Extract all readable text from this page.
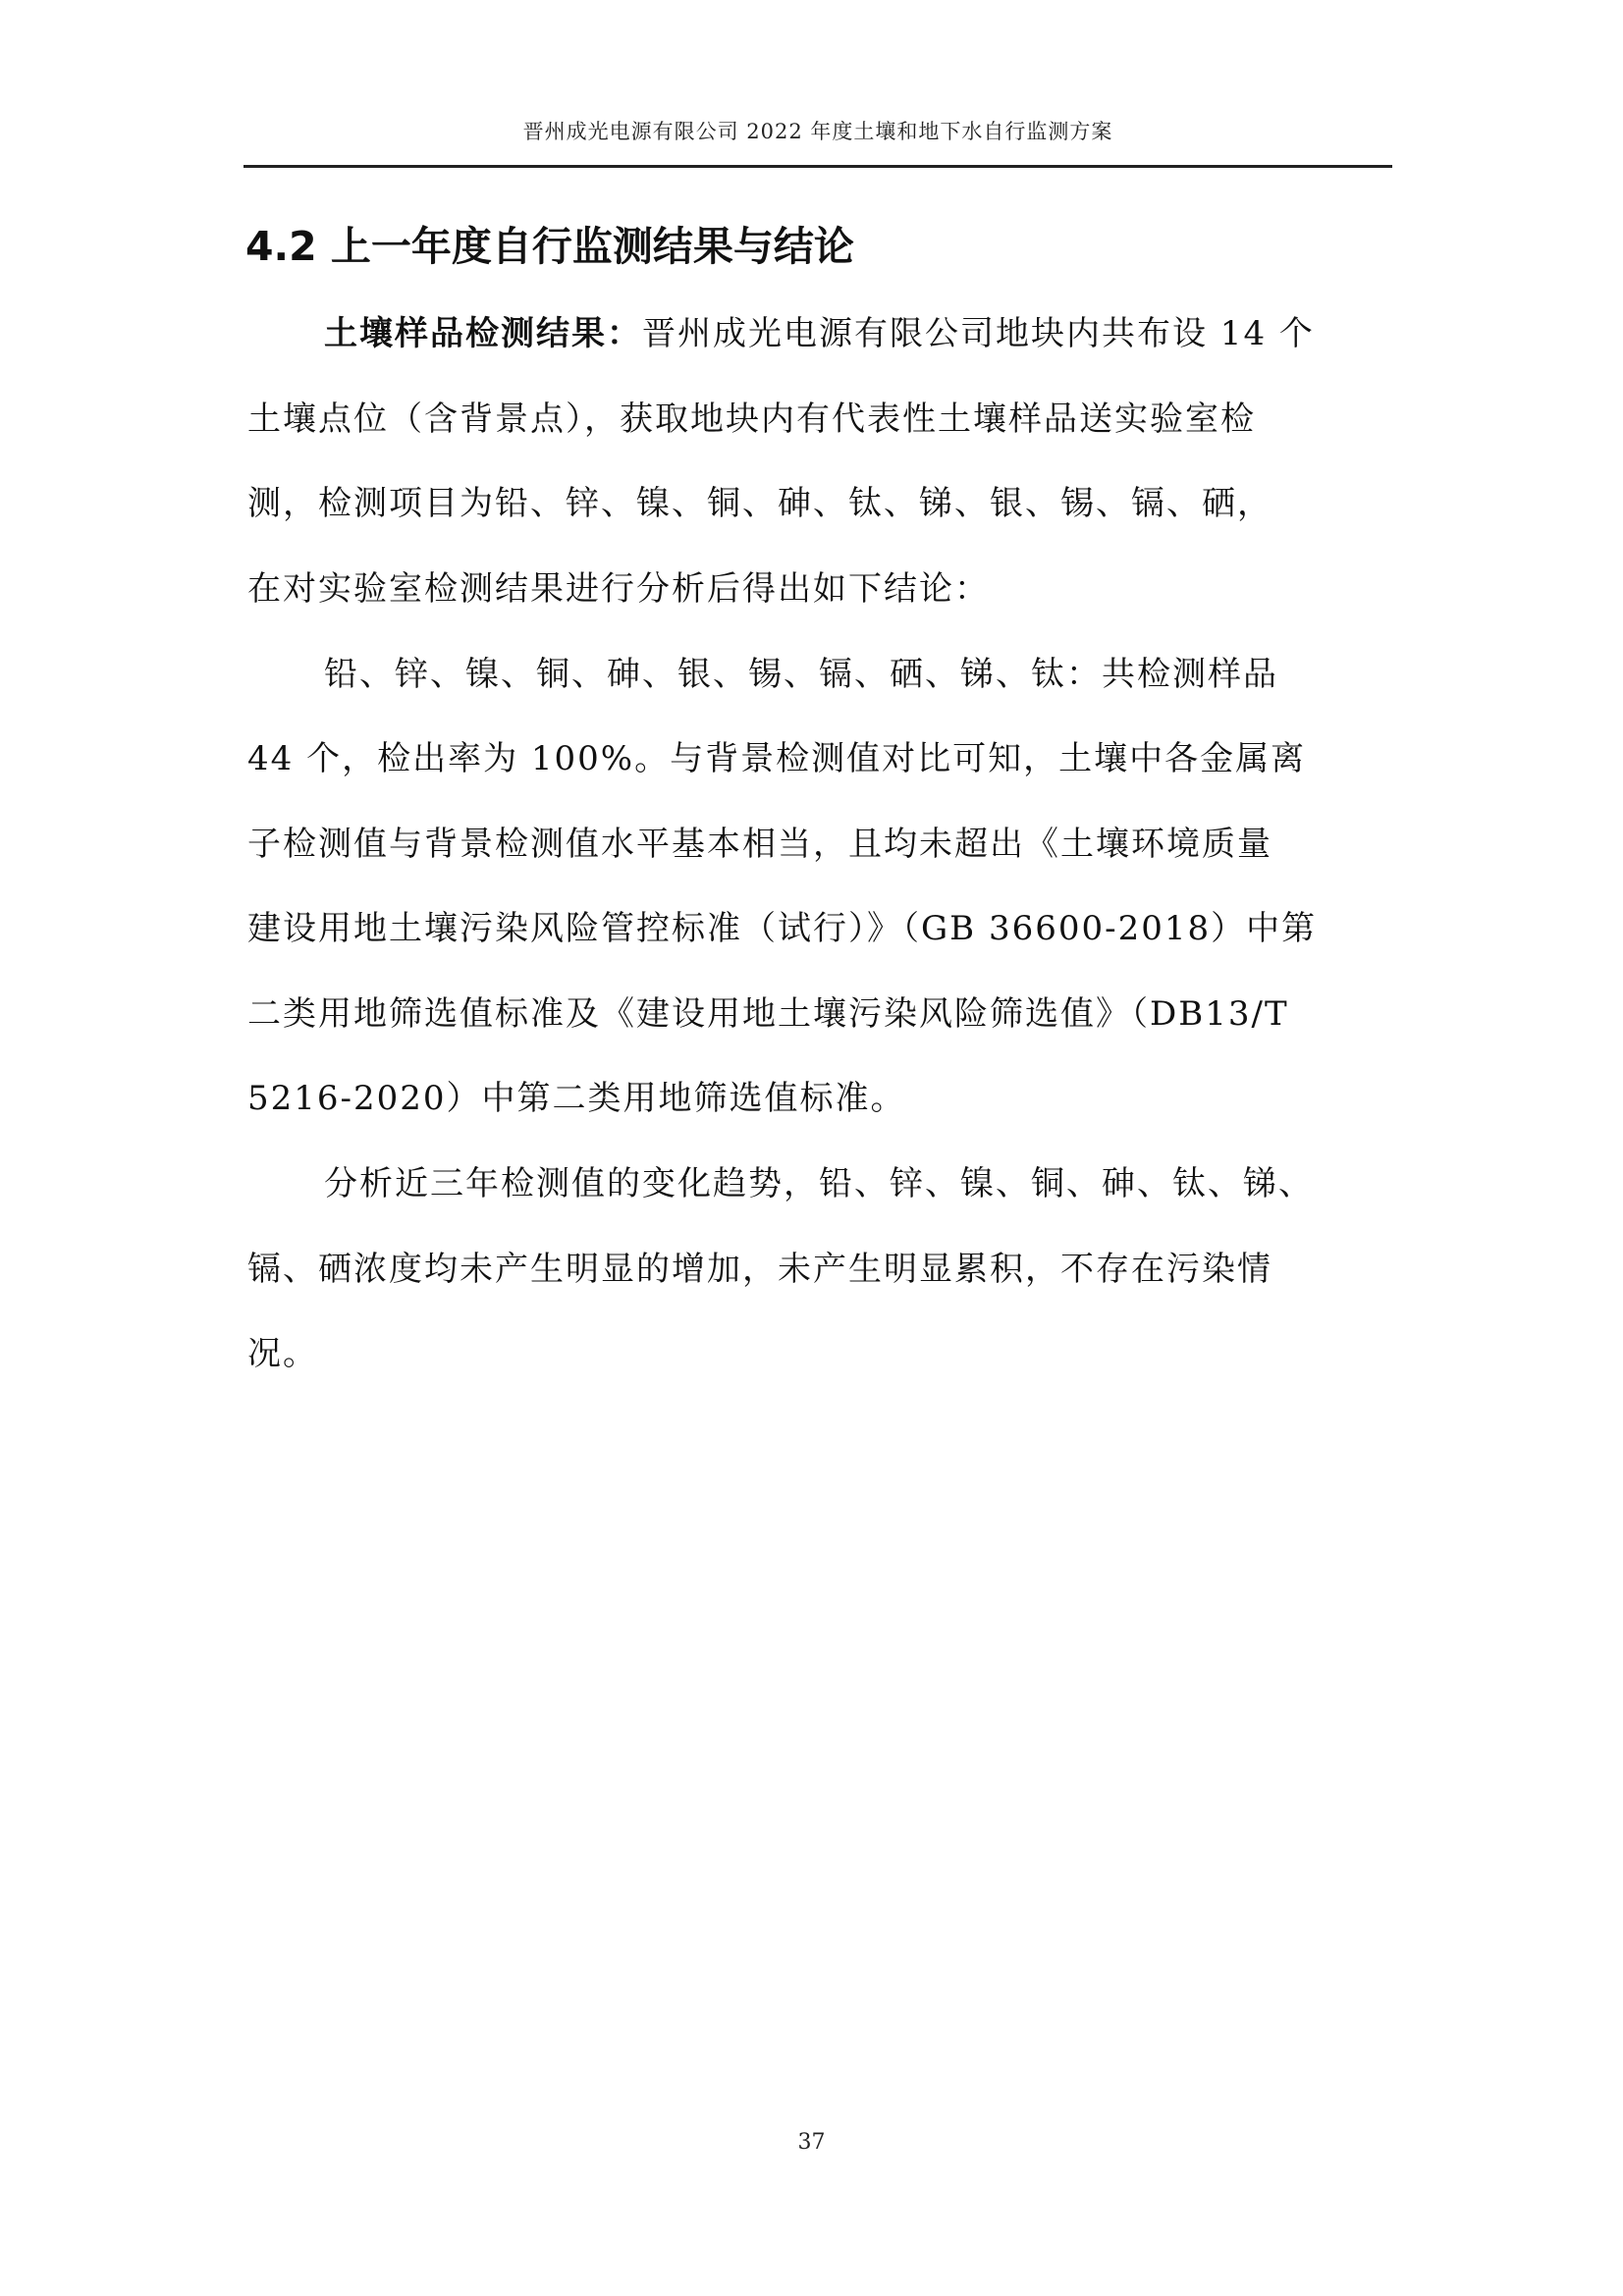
晋州成光电源有限公司 2022 年度土壤和地下水自行监测方案
4.2 上一年度自行监测结果与结论
土壤样品检测结果：晋州成光电源有限公司地块内共布设 14 个
土壤点位（含背景点），获取地块内有代表性土壤样品送实验室检
测，检测项目为铅、锌、镍、铜、砷、钛、锑、银、锡、镉、硒，
在对实验室检测结果进行分析后得出如下结论：
铅、锌、镍、铜、砷、银、锡、镉、硒、锑、钛：共检测样品
44 个，检出率为 100%。与背景检测值对比可知，土壤中各金属离
子检测值与背景检测值水平基本相当，且均未超出《土壤环境质量
建设用地土壤污染风险管控标准（试行）》（GB 36600-2018）中第
二类用地筛选值标准及《建设用地土壤污染风险筛选值》（DB13/T
5216-2020）中第二类用地筛选值标准。
分析近三年检测值的变化趋势，铅、锌、镍、铜、砷、钛、锑、
镉、硒浓度均未产生明显的增加，未产生明显累积，不存在污染情
况。
37
